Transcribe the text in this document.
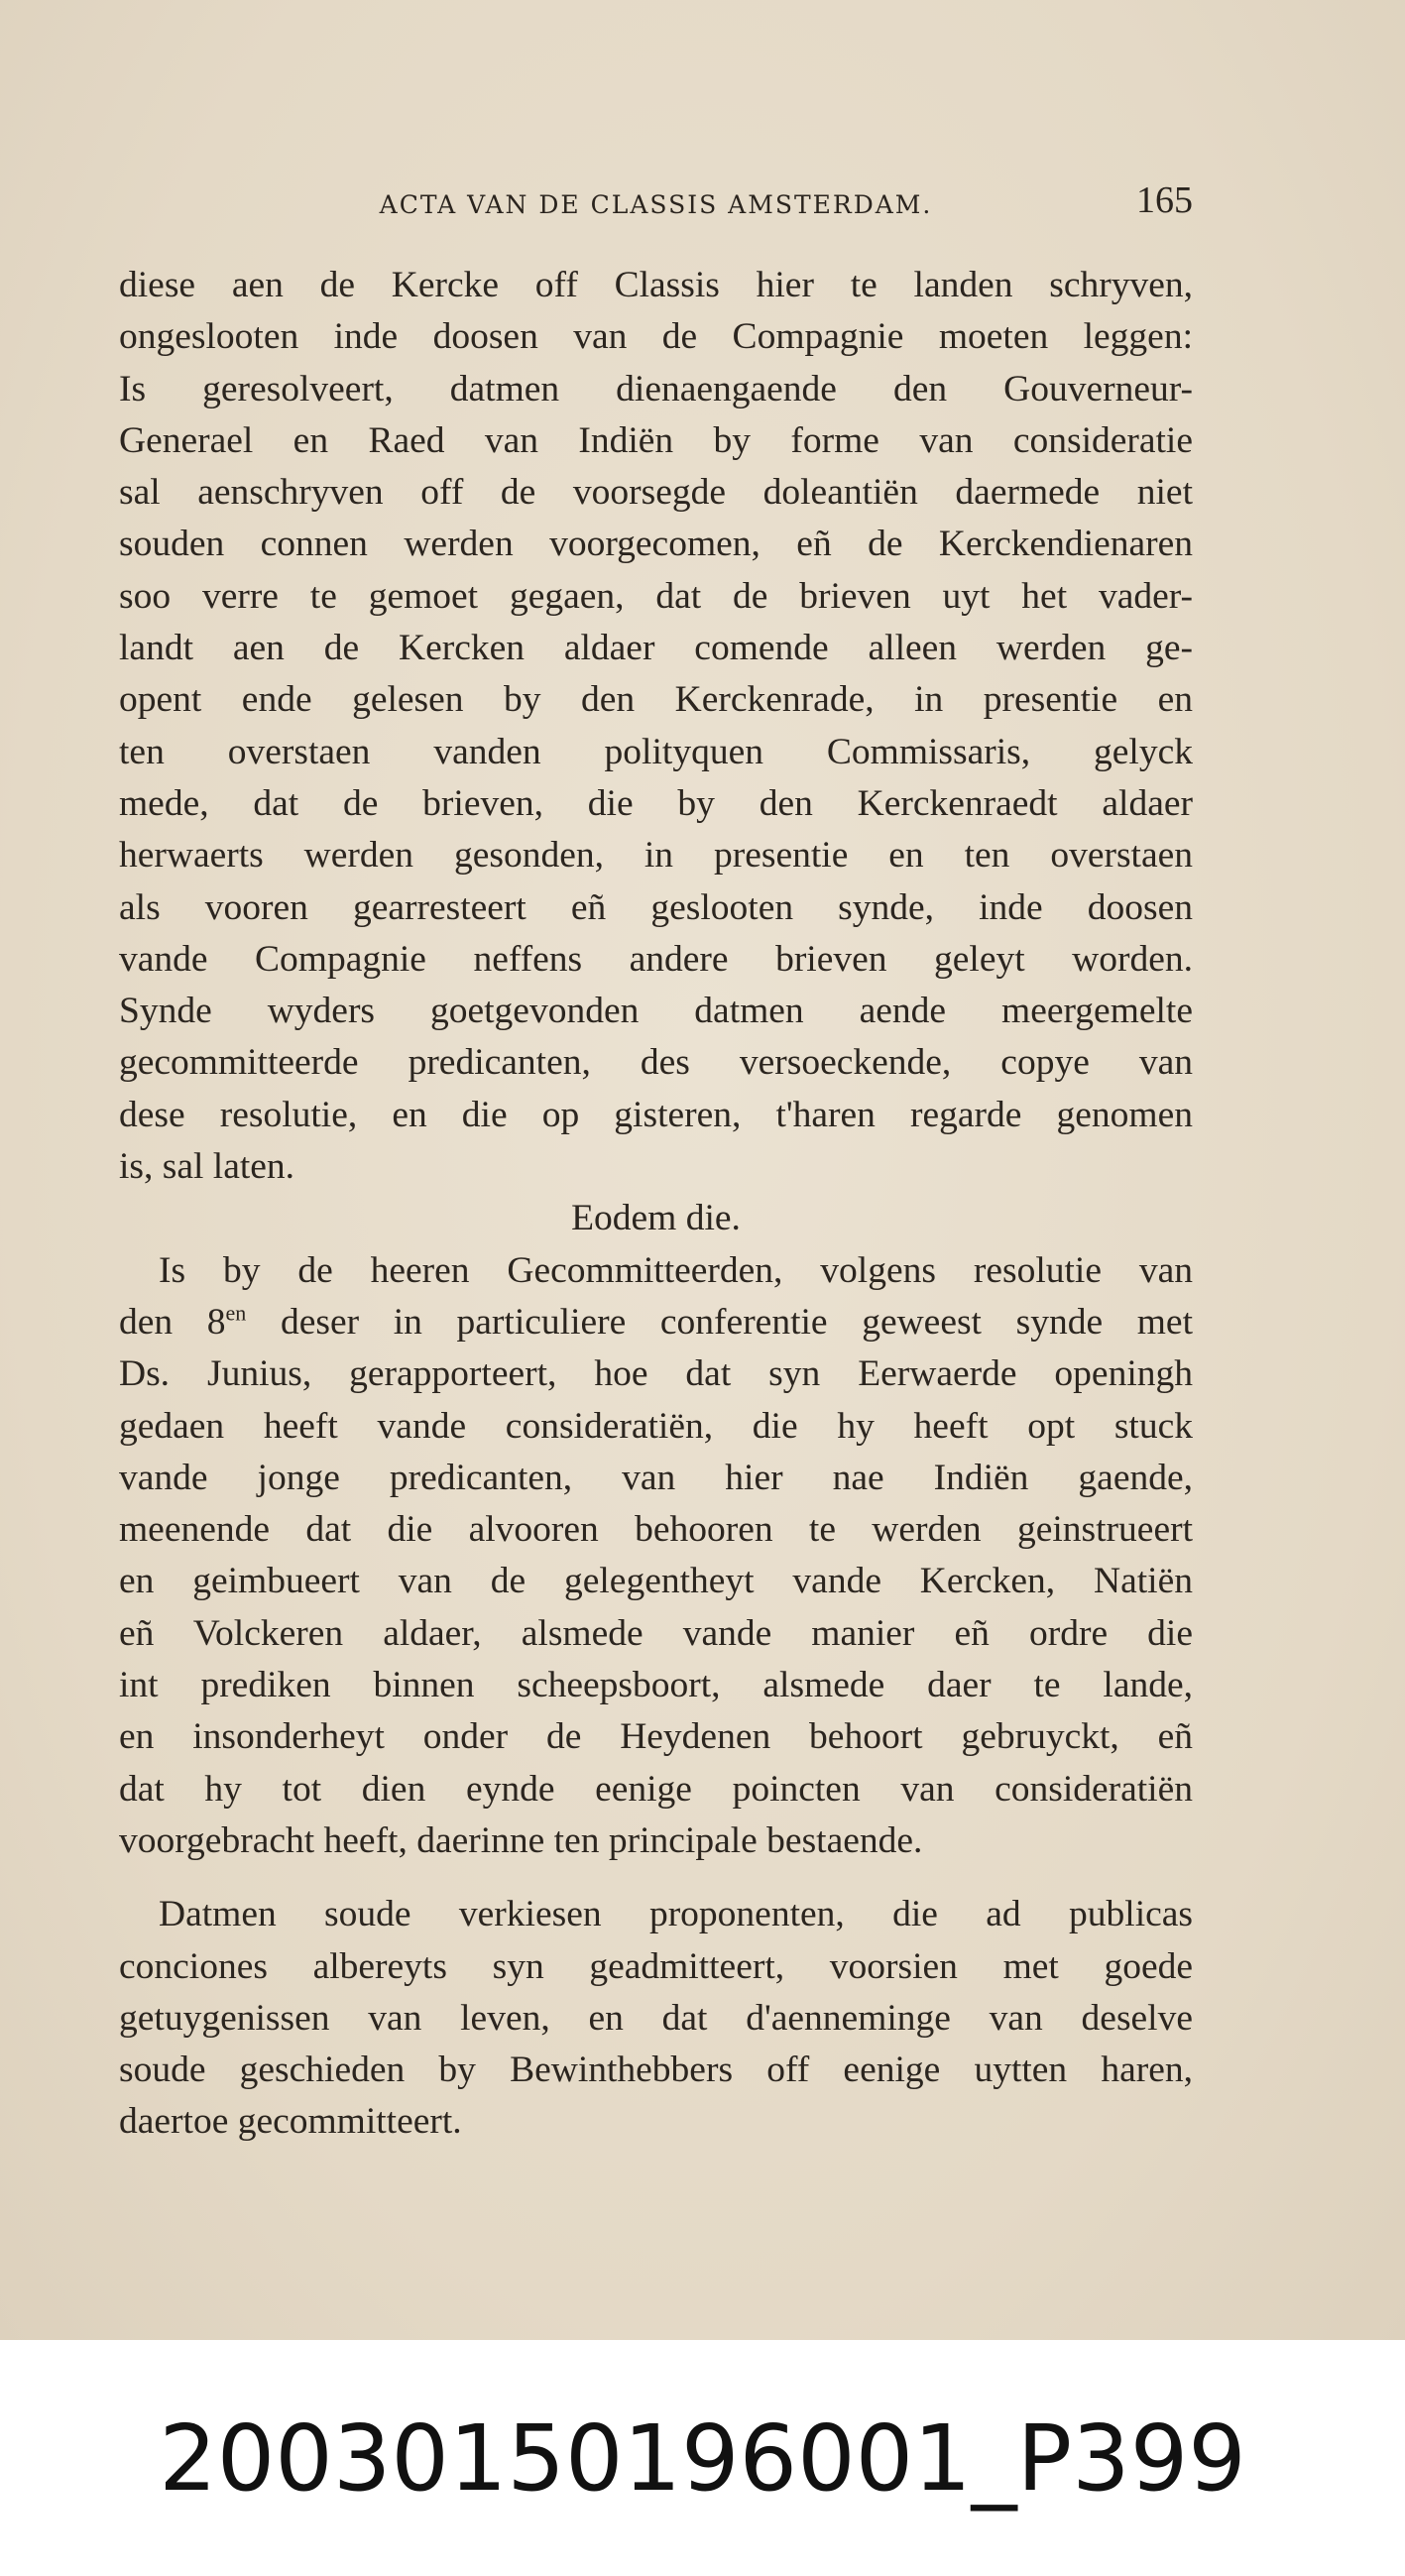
ACTA VAN DE CLASSIS AMSTERDAM.	165

diese aen de Kercke off Classis hier te landen schryven,
ongeslooten inde doosen van de Compagnie moeten leggen:
Is geresolveert, datmen dienaengaende den Gouverneur-
Generael en Raed van Indiën by forme van consideratie
sal aenschryven off de voorsegde doleantiën daermede niet
souden connen werden voorgecomen, eñ de Kerckendienaren
soo verre te gemoet gegaen, dat de brieven uyt het vader-
landt aen de Kercken aldaer comende alleen werden ge-
opent ende gelesen by den Kerckenrade, in presentie en
ten overstaen vanden polityquen Commissaris, gelyck
mede, dat de brieven, die by den Kerckenraedt aldaer
herwaerts werden gesonden, in presentie en ten overstaen
als vooren gearresteert eñ geslooten synde, inde doosen
vande Compagnie neffens andere brieven geleyt worden.
Synde wyders goetgevonden datmen aende meergemelte
gecommitteerde predicanten, des versoeckende, copye van
dese resolutie, en die op gisteren, t'haren regarde genomen
is, sal laten.

Eodem die.

Is by de heeren Gecommitteerden, volgens resolutie van
den $8^{en}$ deser in particuliere conferentie geweest synde met
Ds. Junius, gerapporteert, hoe dat syn Eerwaerde openingh
gedaen heeft vande consideratiën, die hy heeft opt stuck
vande jonge predicanten, van hier nae Indiën gaende,
meenende dat die alvooren behooren te werden geinstrueert
en geimbueert van de gelegentheyt vande Kercken, Natiën
eñ Volckeren aldaer, alsmede vande manier eñ ordre die
int prediken binnen scheepsboort, alsmede daer te lande,
en insonderheyt onder de Heydenen behoort gebruyckt, eñ
dat hy tot dien eynde eenige poincten van consideratiën
voorgebracht heeft, daerinne ten principale bestaende.

Datmen soude verkiesen proponenten, die ad publicas
conciones albereyts syn geadmitteert, voorsien met goede
getuygenissen van leven, en dat d'aenneminge van deselve
soude geschieden by Bewinthebbers off eenige uytten haren,
daertoe gecommitteert.

20030150196001_P399
